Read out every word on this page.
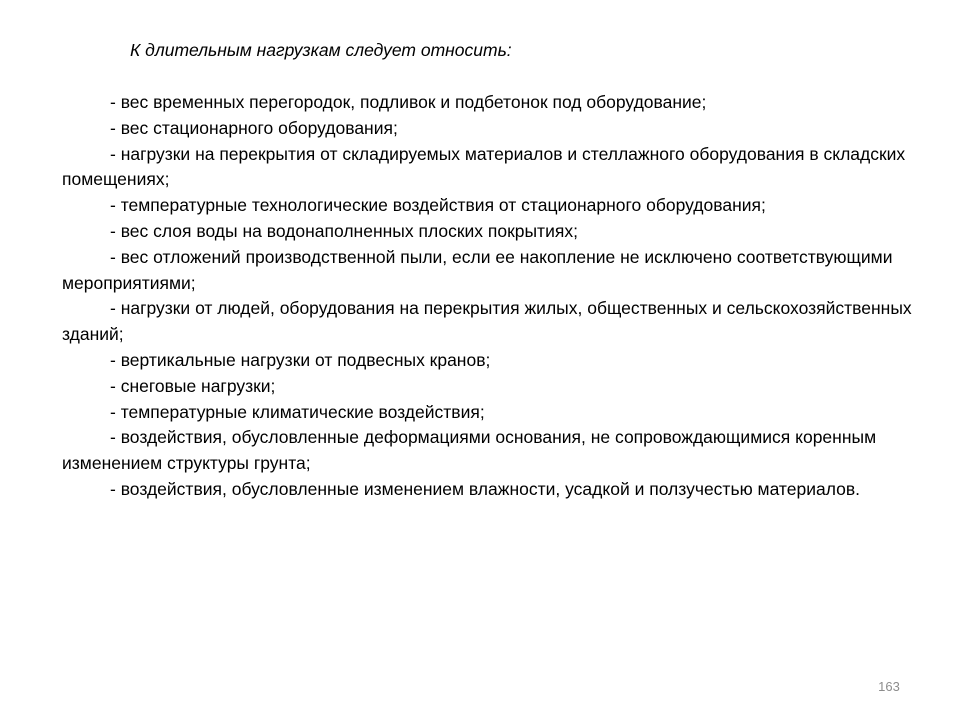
К длительным нагрузкам следует относить:
- вес временных перегородок, подливок и подбетонок под оборудование;
- вес стационарного оборудования;
- нагрузки на перекрытия от складируемых материалов и стеллажного оборудования в складских помещениях;
- температурные технологические воздействия от стационарного оборудования;
- вес слоя воды на водонаполненных плоских покрытиях;
- вес отложений производственной пыли, если ее накопление не исключено соответствующими мероприятиями;
- нагрузки от людей, оборудования на перекрытия жилых, общественных и сельскохозяйственных зданий;
- вертикальные нагрузки от подвесных кранов;
- снеговые нагрузки;
- температурные климатические воздействия;
- воздействия, обусловленные деформациями основания, не сопровождающимися коренным изменением структуры грунта;
- воздействия, обусловленные изменением влажности, усадкой и ползучестью материалов.
163
